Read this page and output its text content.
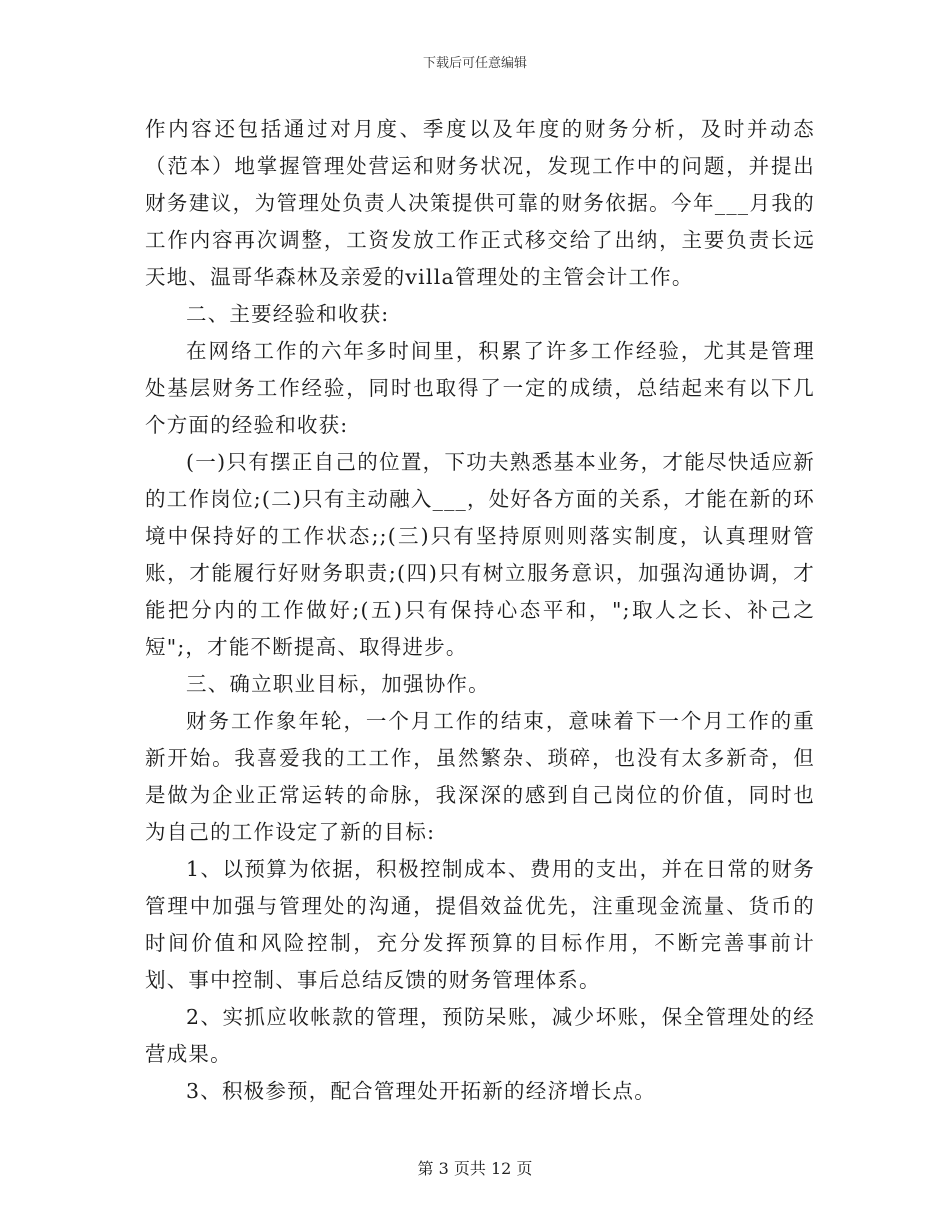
下载后可任意编辑

作内容还包括通过对月度、季度以及年度的财务分析，及时并动态（范本）地掌握管理处营运和财务状况，发现工作中的问题，并提出财务建议，为管理处负责人决策提供可靠的财务依据。今年___月我的工作内容再次调整，工资发放工作正式移交给了出纳，主要负责长远天地、温哥华森林及亲爱的villa管理处的主管会计工作。

二、主要经验和收获:

在网络工作的六年多时间里，积累了许多工作经验，尤其是管理处基层财务工作经验，同时也取得了一定的成绩，总结起来有以下几个方面的经验和收获:

(一)只有摆正自己的位置，下功夫熟悉基本业务，才能尽快适应新的工作岗位;(二)只有主动融入___，处好各方面的关系，才能在新的环境中保持好的工作状态;;(三)只有坚持原则则落实制度，认真理财管账，才能履行好财务职责;(四)只有树立服务意识，加强沟通协调，才能把分内的工作做好;(五)只有保持心态平和，";取人之长、补己之短";，才能不断提高、取得进步。

三、确立职业目标，加强协作。

财务工作象年轮，一个月工作的结束，意味着下一个月工作的重新开始。我喜爱我的工工作，虽然繁杂、琐碎，也没有太多新奇，但是做为企业正常运转的命脉，我深深的感到自己岗位的价值，同时也为自己的工作设定了新的目标:

1、以预算为依据，积极控制成本、费用的支出，并在日常的财务管理中加强与管理处的沟通，提倡效益优先，注重现金流量、货币的时间价值和风险控制，充分发挥预算的目标作用，不断完善事前计划、事中控制、事后总结反馈的财务管理体系。

2、实抓应收帐款的管理，预防呆账，减少坏账，保全管理处的经营成果。

3、积极参预，配合管理处开拓新的经济增长点。

第 3 页共 12 页
